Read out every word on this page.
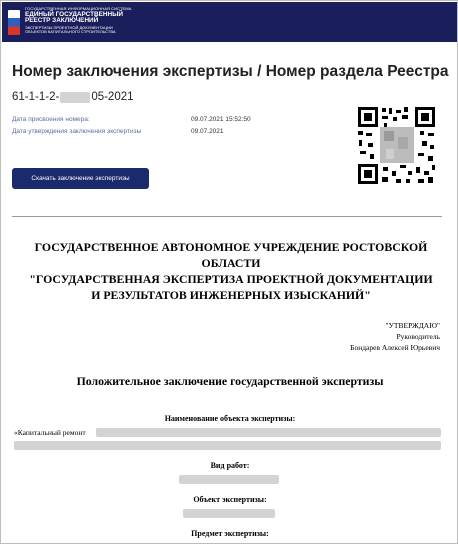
ГОСУДАРСТВЕННАЯ ИНФОРМАЦИОННАЯ СИСТЕМА
ЕДИНЫЙ ГОСУДАРСТВЕННЫЙ
РЕЕСТР ЗАКЛЮЧЕНИЙ
ЭКСПЕРТИЗЫ ПРОЕКТНОЙ ДОКУМЕНТАЦИИ
ОБЪЕКТОВ КАПИТАЛЬНОГО СТРОИТЕЛЬСТВА
Номер заключения экспертизы / Номер раздела Реестра
61-1-1-2-	05-2021
Дата присвоения номера:	09.07.2021 15:52:50
Дата утверждения заключения экспертизы	09.07.2021
Скачать заключение экспертизы
ГОСУДАРСТВЕННОЕ АВТОНОМНОЕ УЧРЕЖДЕНИЕ РОСТОВСКОЙ
ОБЛАСТИ
"ГОСУДАРСТВЕННАЯ ЭКСПЕРТИЗА ПРОЕКТНОЙ ДОКУМЕНТАЦИИ
И РЕЗУЛЬТАТОВ ИНЖЕНЕРНЫХ ИЗЫСКАНИЙ"
"УТВЕРЖДАЮ"
Руководитель
Бондарев Алексей Юрьевич
Положительное заключение государственной экспертизы
Наименование объекта экспертизы:
«Капитальный ремонт
Вид работ:
Объект экспертизы:
Предмет экспертизы:
